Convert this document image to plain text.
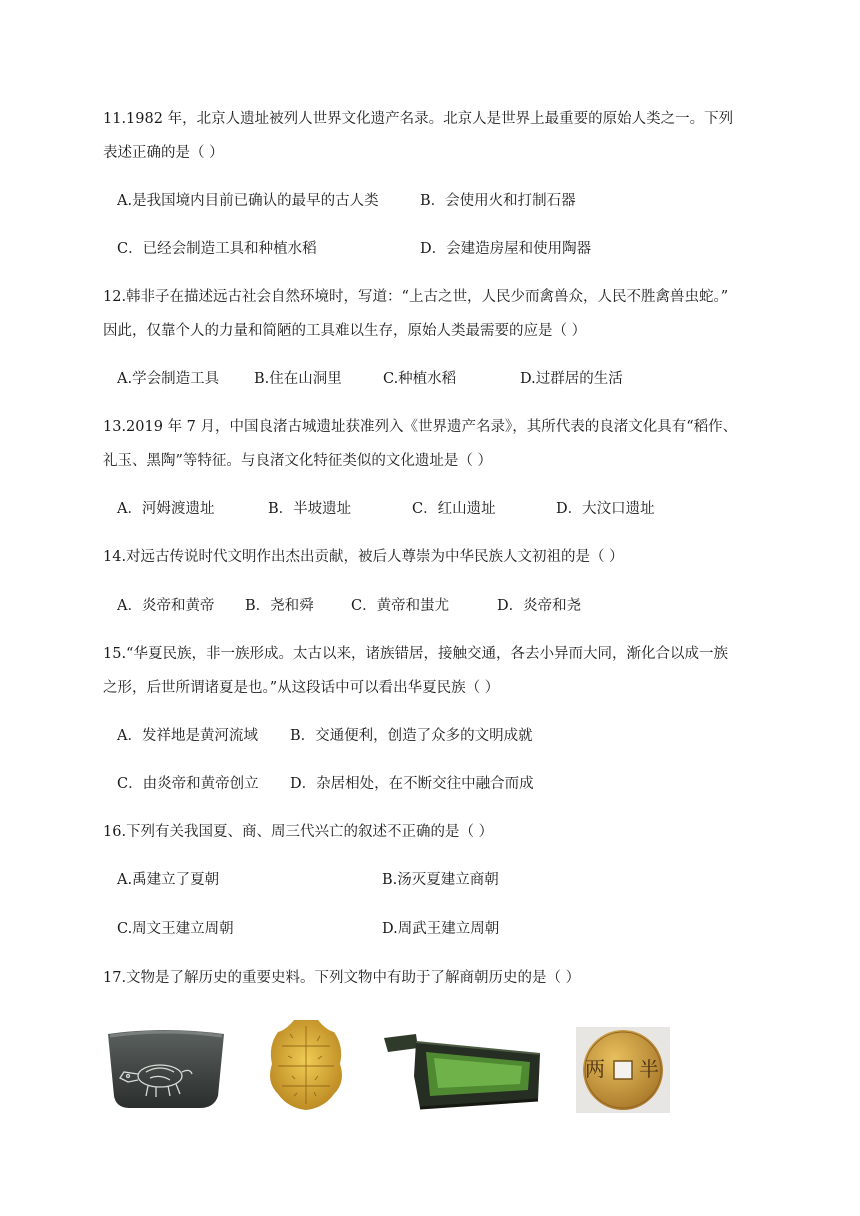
11.1982 年，北京人遗址被列人世界文化遗产名录。北京人是世界上最重要的原始人类之一。下列
表述正确的是（ ）
A.是我国境内目前已确认的最早的古人类	B．会使用火和打制石器
C．已经会制造工具和种植水稻	D．会建造房屋和使用陶器
12.韩非子在描述远古社会自然环境时，写道：“上古之世，人民少而禽兽众，人民不胜禽兽虫蛇。”
因此，仅靠个人的力量和简陋的工具难以生存，原始人类最需要的应是（ ）
A.学会制造工具 B.住在山洞里	C.种植水稻	D.过群居的生活
13.2019 年 7 月，中国良渚古城遗址获准列入《世界遗产名录》，其所代表的良渚文化具有“稻作、
礼玉、黑陶”等特征。与良渚文化特征类似的文化遗址是（ ）
A．河姆渡遗址	B．半坡遗址	C．红山遗址	D．大汶口遗址
14.对远古传说时代文明作出杰出贡献，被后人尊崇为中华民族人文初祖的是（ ）
A．炎帝和黄帝 B．尧和舜	C．黄帝和蚩尤	D．炎帝和尧
15.“华夏民族，非一族形成。太古以来，诸族错居，接触交通，各去小异而大同，渐化合以成一族
之形，后世所谓诸夏是也。”从这段话中可以看出华夏民族（ ）
A．发祥地是黄河流域 B．交通便利，创造了众多的文明成就
C．由炎帝和黄帝创立 D．杂居相处，在不断交往中融合而成
16.下列有关我国夏、商、周三代兴亡的叙述不正确的是（ ）
A.禹建立了夏朝	B.汤灭夏建立商朝
C.周文王建立周朝	D.周武王建立周朝
17.文物是了解历史的重要史料。下列文物中有助于了解商朝历史的是（ ）
两 半
